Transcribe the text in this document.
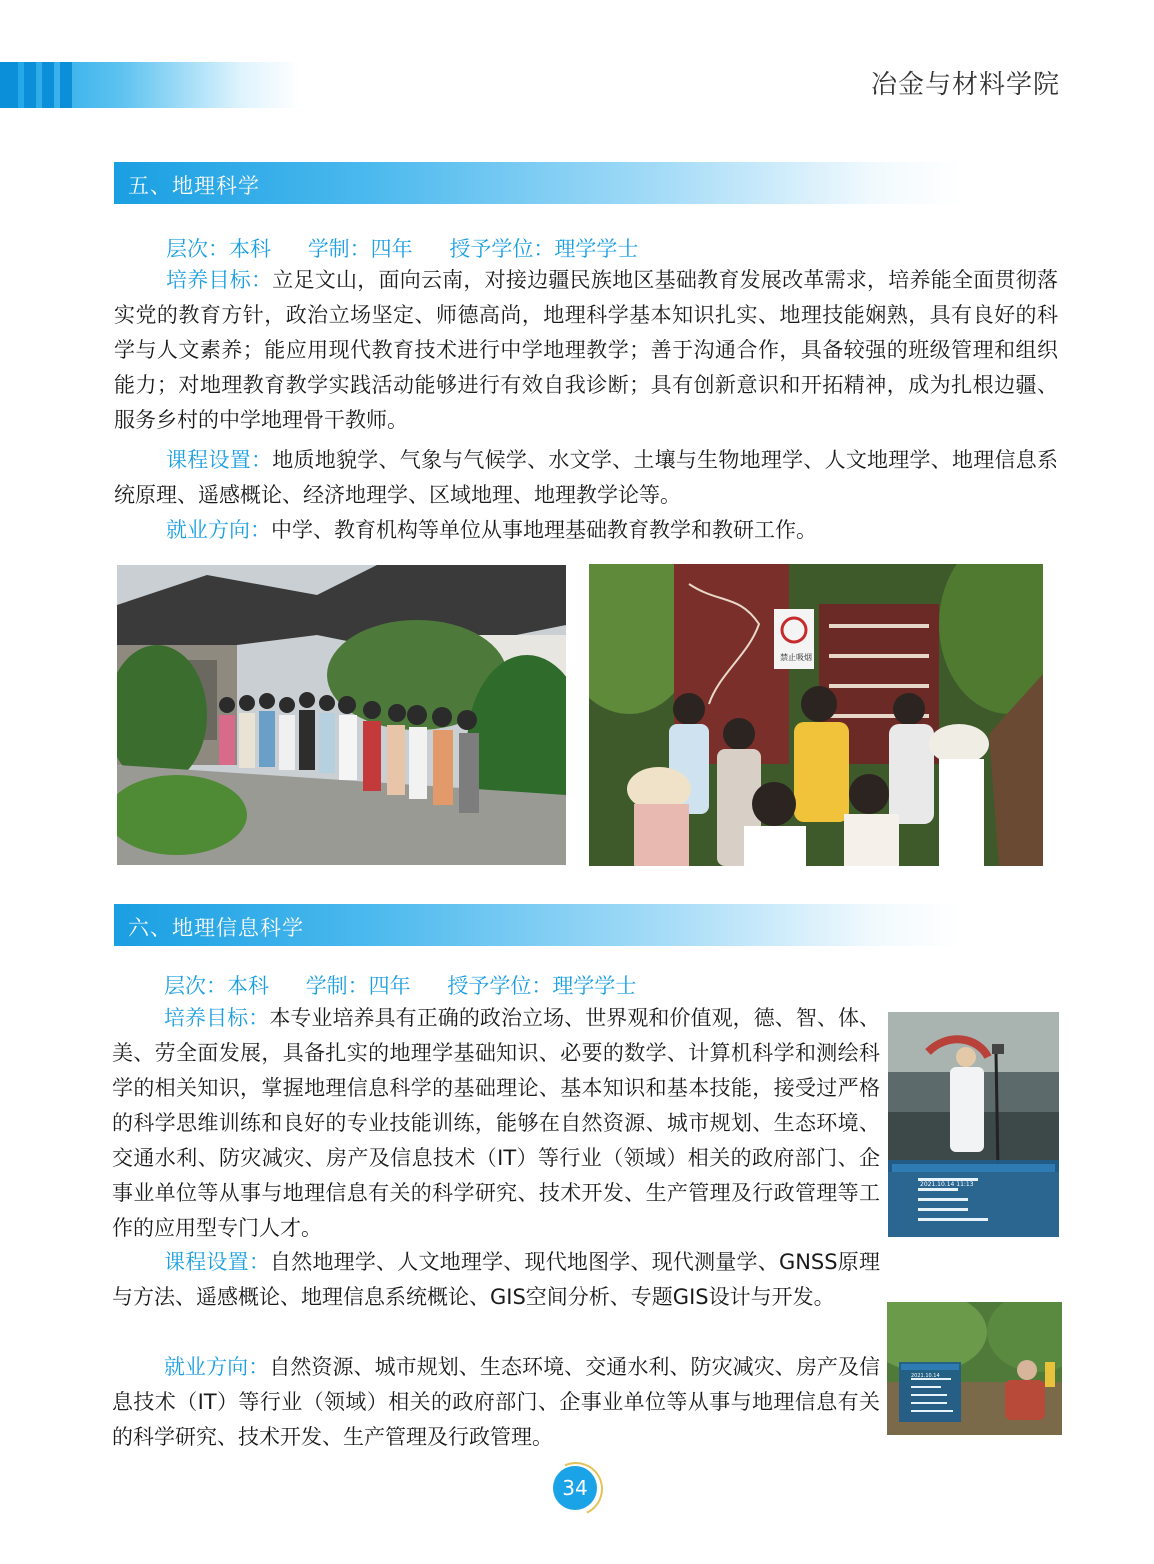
冶金与材料学院
五、地理科学
层次：本科 学制：四年 授予学位：理学学士
培养目标：立足文山，面向云南，对接边疆民族地区基础教育发展改革需求，培养能全面贯彻落实党的教育方针，政治立场坚定、师德高尚，地理科学基本知识扎实、地理技能娴熟，具有良好的科学与人文素养；能应用现代教育技术进行中学地理教学；善于沟通合作，具备较强的班级管理和组织能力；对地理教育教学实践活动能够进行有效自我诊断；具有创新意识和开拓精神，成为扎根边疆、服务乡村的中学地理骨干教师。
课程设置：地质地貌学、气象与气候学、水文学、土壤与生物地理学、人文地理学、地理信息系统原理、遥感概论、经济地理学、区域地理、地理教学论等。
就业方向：中学、教育机构等单位从事地理基础教育教学和教研工作。
禁止吸烟
六、地理信息科学
层次：本科 学制：四年 授予学位：理学学士
培养目标：本专业培养具有正确的政治立场、世界观和价值观，德、智、体、美、劳全面发展，具备扎实的地理学基础知识、必要的数学、计算机科学和测绘科学的相关知识，掌握地理信息科学的基础理论、基本知识和基本技能，接受过严格的科学思维训练和良好的专业技能训练，能够在自然资源、城市规划、生态环境、交通水利、防灾减灾、房产及信息技术（IT）等行业（领域）相关的政府部门、企事业单位等从事与地理信息有关的科学研究、技术开发、生产管理及行政管理等工作的应用型专门人才。
课程设置：自然地理学、人文地理学、现代地图学、现代测量学、GNSS原理与方法、遥感概论、地理信息系统概论、GIS空间分析、专题GIS设计与开发。
就业方向：自然资源、城市规划、生态环境、交通水利、防灾减灾、房产及信息技术（IT）等行业（领域）相关的政府部门、企事业单位等从事与地理信息有关的科学研究、技术开发、生产管理及行政管理。
2021.10.14 11:13
2021.10.14
34
